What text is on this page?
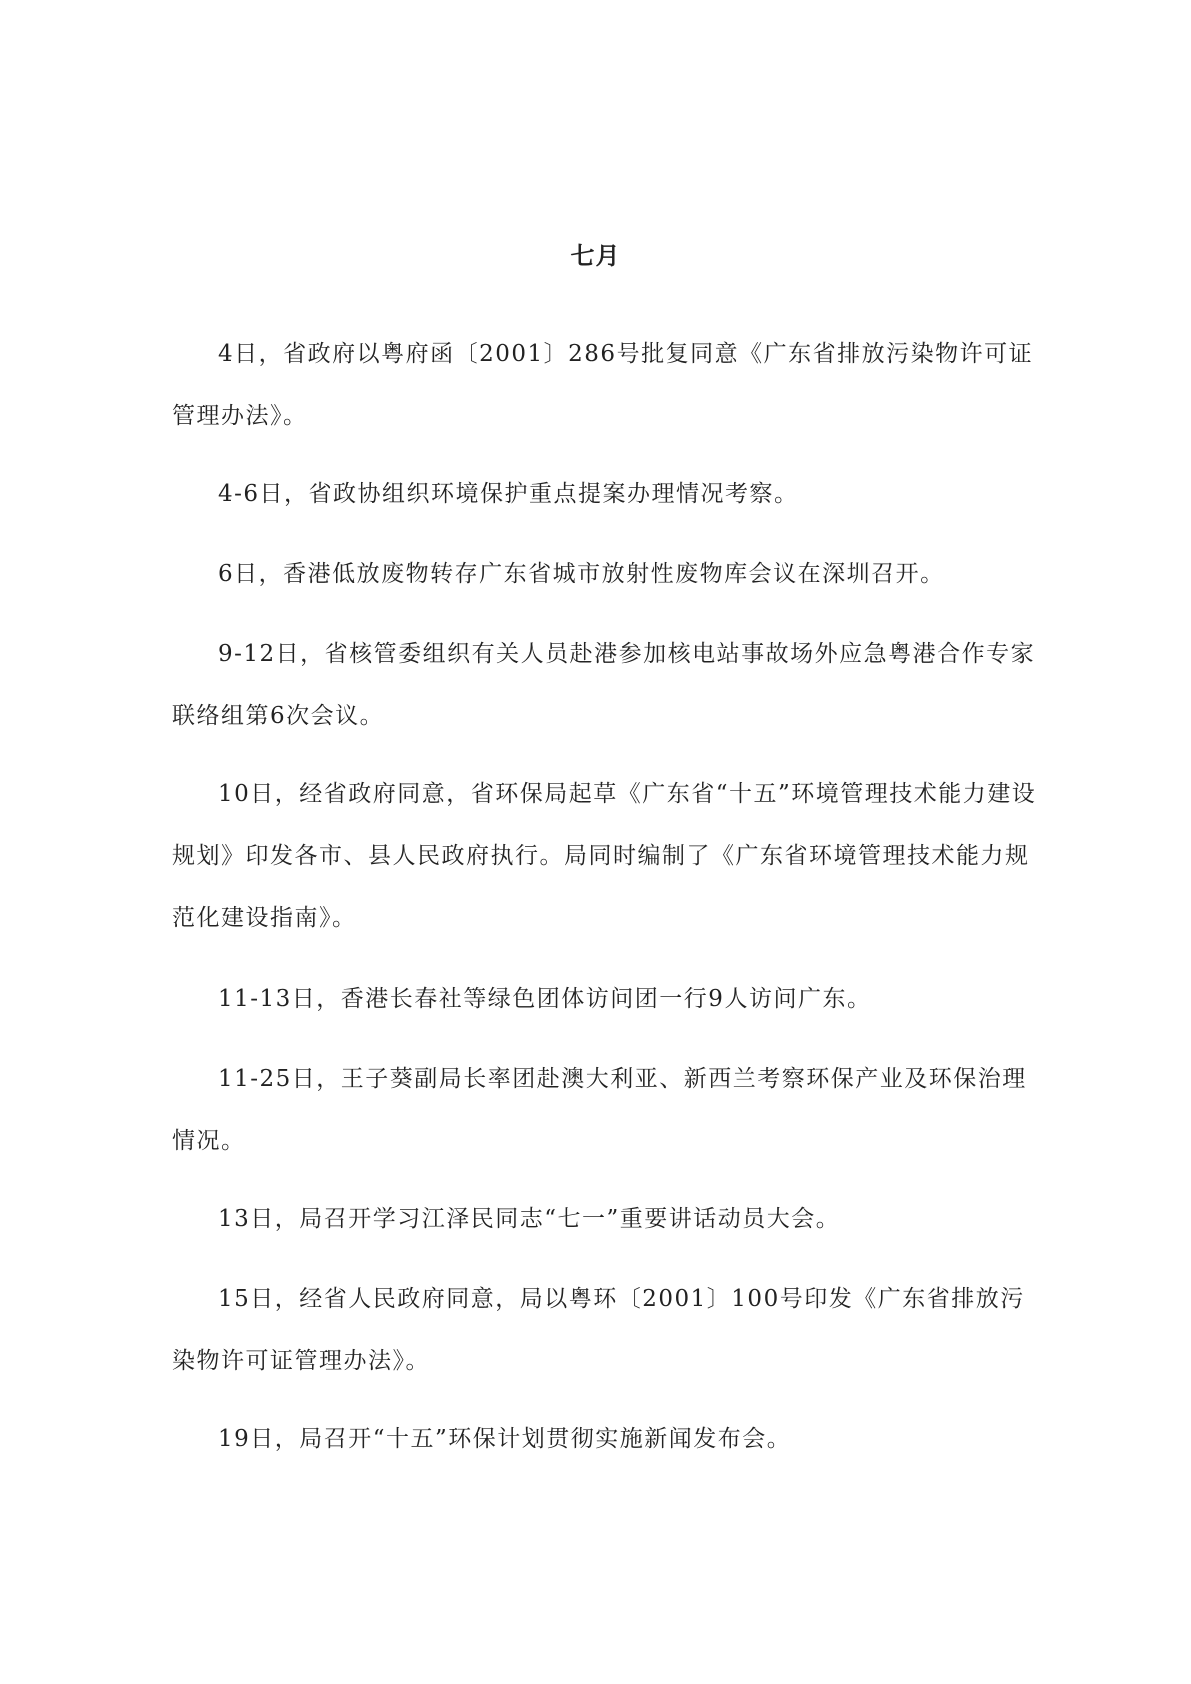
七月

4日，省政府以粤府函〔2001〕286号批复同意《广东省排放污染物许可证管理办法》。

4-6日，省政协组织环境保护重点提案办理情况考察。

6日，香港低放废物转存广东省城市放射性废物库会议在深圳召开。

9-12日，省核管委组织有关人员赴港参加核电站事故场外应急粤港合作专家联络组第6次会议。

10日，经省政府同意，省环保局起草《广东省“十五”环境管理技术能力建设规划》印发各市、县人民政府执行。局同时编制了《广东省环境管理技术能力规范化建设指南》。

11-13日，香港长春社等绿色团体访问团一行9人访问广东。

11-25日，王子葵副局长率团赴澳大利亚、新西兰考察环保产业及环保治理情况。

13日，局召开学习江泽民同志“七一”重要讲话动员大会。

15日，经省人民政府同意，局以粤环〔2001〕100号印发《广东省排放污染物许可证管理办法》。

19日，局召开“十五”环保计划贯彻实施新闻发布会。
